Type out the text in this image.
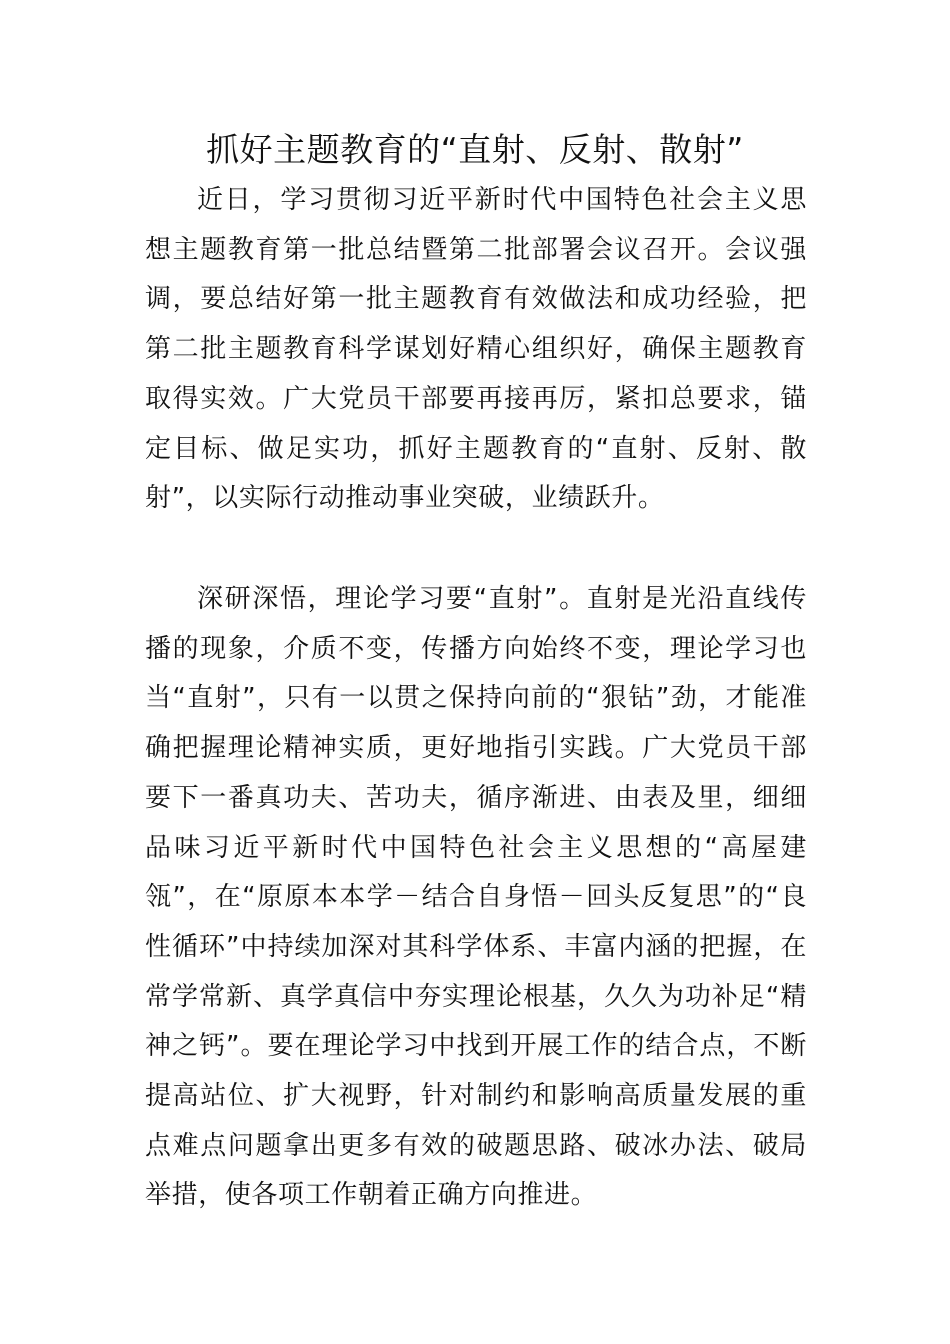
抓好主题教育的“直射、反射、散射”

近日，学习贯彻习近平新时代中国特色社会主义思想主题教育第一批总结暨第二批部署会议召开。会议强调，要总结好第一批主题教育有效做法和成功经验，把第二批主题教育科学谋划好精心组织好，确保主题教育取得实效。广大党员干部要再接再厉，紧扣总要求，锚定目标、做足实功，抓好主题教育的“直射、反射、散射”，以实际行动推动事业突破，业绩跃升。

深研深悟，理论学习要“直射”。直射是光沿直线传播的现象，介质不变，传播方向始终不变，理论学习也当“直射”，只有一以贯之保持向前的“狠钻”劲，才能准确把握理论精神实质，更好地指引实践。广大党员干部要下一番真功夫、苦功夫，循序渐进、由表及里，细细品味习近平新时代中国特色社会主义思想的“高屋建瓴”，在“原原本本学－结合自身悟－回头反复思”的“良性循环”中持续加深对其科学体系、丰富内涵的把握，在常学常新、真学真信中夯实理论根基，久久为功补足“精神之钙”。要在理论学习中找到开展工作的结合点，不断提高站位、扩大视野，针对制约和影响高质量发展的重点难点问题拿出更多有效的破题思路、破冰办法、破局举措，使各项工作朝着正确方向推进。
